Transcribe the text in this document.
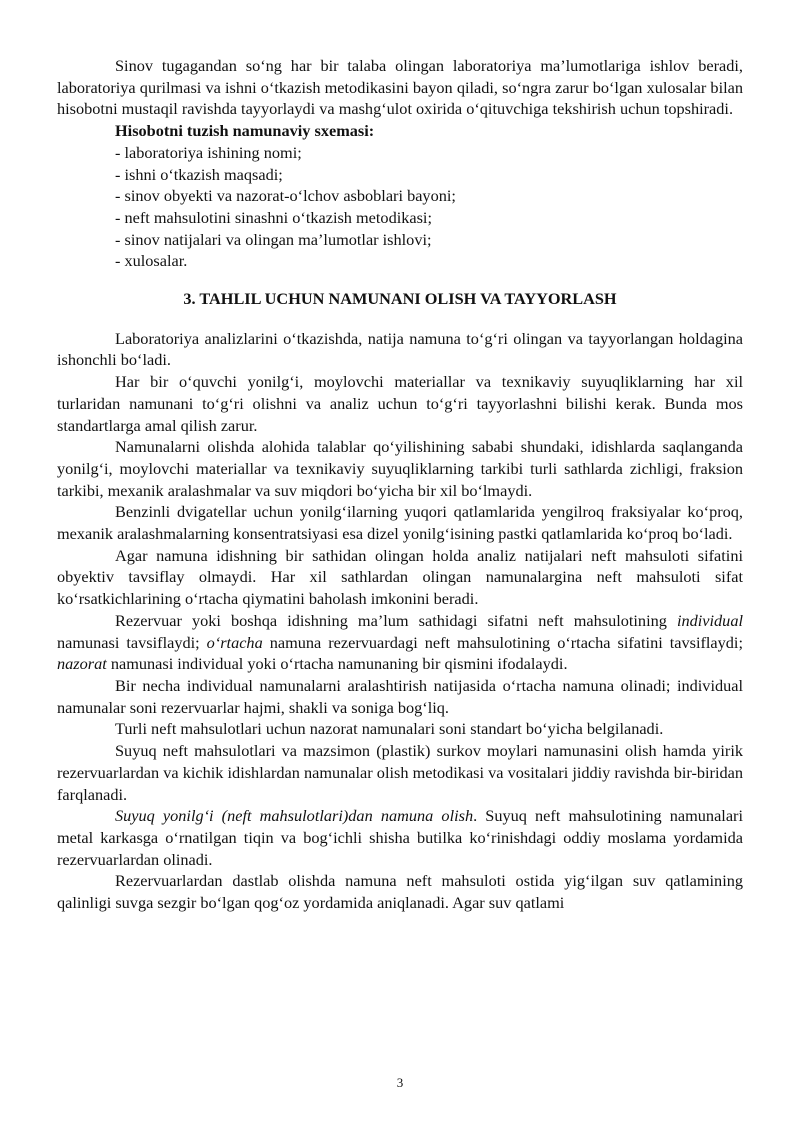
Sinov tugagandan so‘ng har bir talaba olingan laboratoriya ma’lumotlariga ishlov beradi, laboratoriya qurilmasi va ishni o‘tkazish metodikasini bayon qiladi, so‘ngra zarur bo‘lgan xulosalar bilan hisobotni mustaqil ravishda tayyorlaydi va mashg‘ulot oxirida o‘qituvchiga tekshirish uchun topshiradi.

Hisobotni tuzish namunaviy sxemasi:
- laboratoriya ishining nomi;
- ishni o‘tkazish maqsadi;
- sinov obyekti va nazorat-o‘lchov asboblari bayoni;
- neft mahsulotini sinashni o‘tkazish metodikasi;
- sinov natijalari va olingan ma’lumotlar ishlovi;
- xulosalar.
3. TAHLIL UCHUN NAMUNANI OLISH VA TAYYORLASH

Laboratoriya analizlarini o‘tkazishda, natija namuna to‘g‘ri olingan va tayyorlangan holdagina ishonchli bo‘ladi.

Har bir o‘quvchi yonilg‘i, moylovchi materiallar va texnikaviy suyuqliklarning har xil turlaridan namunani to‘g‘ri olishni va analiz uchun to‘g‘ri tayyorlashni bilishi kerak. Bunda mos standartlarga amal qilish zarur.

Namunalarni olishda alohida talablar qo‘yilishining sababi shundaki, idishlarda saqlanganda yonilg‘i, moylovchi materiallar va texnikaviy suyuqliklarning tarkibi turli sathlarda zichligi, fraksion tarkibi, mexanik aralashmalar va suv miqdori bo‘yicha bir xil bo‘lmaydi.

Benzinli dvigatellar uchun yonilg‘ilarning yuqori qatlamlarida yengilroq fraksiyalar ko‘proq, mexanik aralashmalarning konsentratsiyasi esa dizel yonilg‘isining pastki qatlamlarida ko‘proq bo‘ladi.

Agar namuna idishning bir sathidan olingan holda analiz natijalari neft mahsuloti sifatini obyektiv tavsiflay olmaydi. Har xil sathlardan olingan namunalargina neft mahsuloti sifat ko‘rsatkichlarining o‘rtacha qiymatini baholash imkonini beradi.

Rezervuar yoki boshqa idishning ma’lum sathidagi sifatni neft mahsulotining individual namunasi tavsiflaydi; o‘rtacha namuna rezervuardagi neft mahsulotining o‘rtacha sifatini tavsiflaydi; nazorat namunasi individual yoki o‘rtacha namunaning bir qismini ifodalaydi.

Bir necha individual namunalarni aralashtirish natijasida o‘rtacha namuna olinadi; individual namunalar soni rezervuarlar hajmi, shakli va soniga bog‘liq.

Turli neft mahsulotlari uchun nazorat namunalari soni standart bo‘yicha belgilanadi.

Suyuq neft mahsulotlari va mazsimon (plastik) surkov moylari namunasini olish hamda yirik rezervuarlardan va kichik idishlardan namunalar olish metodikasi va vositalari jiddiy ravishda bir-biridan farqlanadi.

Suyuq yonilg‘i (neft mahsulotlari)dan namuna olish. Suyuq neft mahsulotining namunalari metal karkasga o‘rnatilgan tiqin va bog‘ichli shisha butilka ko‘rinishdagi oddiy moslama yordamida rezervuarlardan olinadi.

Rezervuarlardan dastlab olishda namuna neft mahsuloti ostida yig‘ilgan suv qatlamining qalinligi suvga sezgir bo‘lgan qog‘oz yordamida aniqlanadi. Agar suv qatlami

3
